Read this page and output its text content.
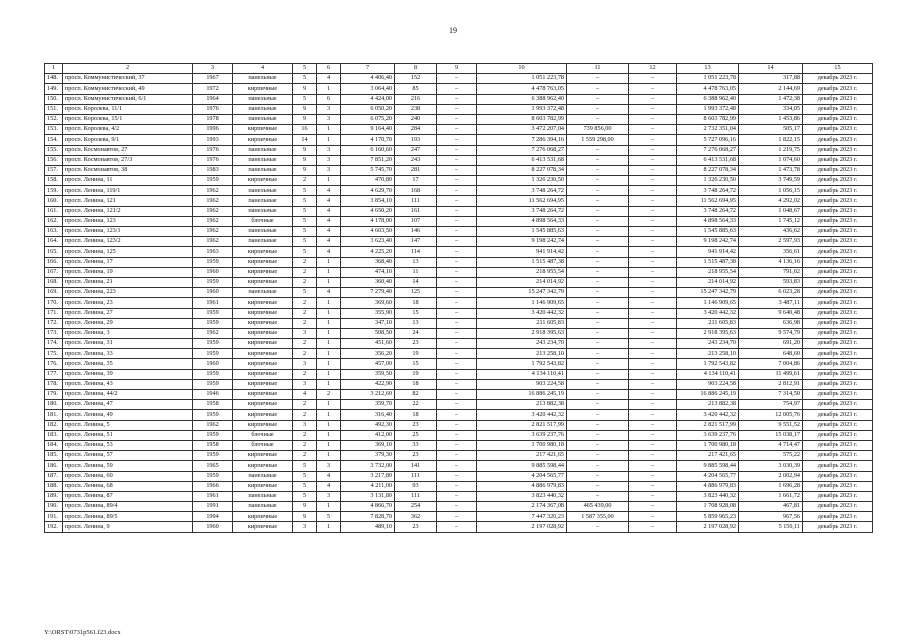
19
1	2	3	4	5	6	7	8	9	10	11	12	13	14	15
148.	просп. Коммунистический, 37	1967	панельные	5	4	4 406,40	152	–	1 051 223,78	–	–	1 051 223,78	317,88	декабрь 2023 г.
149.	просп. Коммунистический, 49	1972	кирпичные	9	1	3 064,40	85	–	4 478 763,05	–	–	4 478 763,05	2 144,69	декабрь 2023 г.
150.	просп. Коммунистический, 6/1	1964	панельные	5	6	4 424,00	216	–	6 388 962,40	–	–	6 388 962,40	1 472,38	декабрь 2023 г.
151.	просп. Королева, 11/1	1976	панельные	9	3	6 050,20	238	–	1 993 372,48	–	–	1 993 372,48	334,05	декабрь 2023 г.
152.	просп. Королева, 15/1	1978	панельные	9	3	6 075,20	240	–	8 603 782,99	–	–	8 603 782,99	1 453,86	декабрь 2023 г.
153.	просп. Королева, 4/2	1996	кирпичные	16	1	9 164,40	284	–	3 472 207,04	739 856,00	–	2 732 351,04	505,17	декабрь 2023 г.
154.	просп. Королева, 9/1	1993	кирпичные	14	1	4 170,70	193	–	7 286 394,16	1 559 298,00	–	5 727 096,16	1 822,15	декабрь 2023 г.
155.	просп. Космонавтов, 27	1976	панельные	9	3	6 160,60	247	–	7 276 068,27	–	–	7 276 068,27	1 219,75	декабрь 2023 г.
156.	просп. Космонавтов, 27/3	1976	панельные	9	3	7 851,20	243	–	6 413 531,68	–	–	6 413 531,68	1 074,60	декабрь 2023 г.
157.	просп. Космонавтов, 38	1983	панельные	9	3	5 745,70	281	–	8 227 078,34	–	–	8 227 078,34	1 473,78	декабрь 2023 г.
158.	просп. Ленина, 11	1959	кирпичные	2	1	470,80	17	–	1 326 230,50	–	–	1 326 230,50	3 749,59	декабрь 2023 г.
159.	просп. Ленина, 119/1	1962	панельные	5	4	4 629,70	168	–	3 748 264,72	–	–	3 748 264,72	1 056,15	декабрь 2023 г.
160.	просп. Ленина, 121	1962	панельные	5	4	3 854,10	111	–	11 562 694,95	–	–	11 562 694,95	4 292,02	декабрь 2023 г.
161.	просп. Ленина, 121/2	1962	панельные	5	4	4 650,20	161	–	3 748 264,72	–	–	3 748 264,72	1 048,67	декабрь 2023 г.
162.	просп. Ленина, 123	1962	блочные	5	4	4 178,00	107	–	4 898 564,33	–	–	4 898 564,33	1 745,12	декабрь 2023 г.
163.	просп. Ленина, 123/1	1962	панельные	5	4	4 603,50	146	–	1 545 885,63	–	–	1 545 885,63	436,62	декабрь 2023 г.
164.	просп. Ленина, 123/2	1962	панельные	5	4	3 623,40	147	–	9 198 242,74	–	–	9 198 242,74	2 597,93	декабрь 2023 г.
165.	просп. Ленина, 125	1963	кирпичные	5	4	4 225,20	114	–	941 914,42	–	–	941 914,42	356,61	декабрь 2023 г.
166.	просп. Ленина, 17	1959	кирпичные	2	1	368,40	13	–	1 515 487,38	–	–	1 515 487,38	4 136,16	декабрь 2023 г.
167.	просп. Ленина, 19	1960	кирпичные	2	1	474,10	11	–	218 955,54	–	–	218 955,54	791,02	декабрь 2023 г.
168.	просп. Ленина, 21	1959	кирпичные	2	1	360,40	14	–	214 014,92	–	–	214 014,92	593,83	декабрь 2023 г.
169.	просп. Ленина, 223	1960	панельные	5	4	7 279,40	125	–	15 247 342,79	–	–	15 247 342,79	6 023,28	декабрь 2023 г.
170.	просп. Ленина, 23	1961	кирпичные	2	1	369,60	18	–	1 146 909,65	–	–	1 146 909,65	3 487,11	декабрь 2023 г.
171.	просп. Ленина, 27	1959	кирпичные	2	1	355,90	15	–	3 420 442,32	–	–	3 420 442,32	9 640,48	декабрь 2023 г.
172.	просп. Ленина, 29	1959	кирпичные	2	1	347,10	13	–	211 605,83	–	–	211 605,83	636,98	декабрь 2023 г.
173.	просп. Ленина, 3	1962	кирпичные	3	1	508,50	24	–	2 918 395,63	–	–	2 918 395,63	9 574,79	декабрь 2023 г.
174.	просп. Ленина, 31	1959	кирпичные	2	1	451,60	23	–	243 234,70	–	–	243 234,70	691,20	декабрь 2023 г.
175.	просп. Ленина, 33	1959	кирпичные	2	1	356,20	19	–	213 258,10	–	–	213 258,10	648,60	декабрь 2023 г.
176.	просп. Ленина, 35	1960	кирпичные	3	1	457,00	15	–	1 792 543,82	–	–	1 792 543,82	7 004,86	декабрь 2023 г.
177.	просп. Ленина, 39	1959	кирпичные	2	1	359,50	19	–	4 134 110,41	–	–	4 134 110,41	11 499,61	декабрь 2023 г.
178.	просп. Ленина, 43	1959	кирпичные	3	1	422,90	18	–	903 224,58	–	–	903 224,58	2 812,91	декабрь 2023 г.
179.	просп. Ленина, 44/2	1946	кирпичные	4	2	3 212,60	82	–	16 886 245,19	–	–	16 886 245,19	7 314,50	декабрь 2023 г.
180.	просп. Ленина, 47	1958	кирпичные	2	1	359,70	22	–	213 882,38	–	–	213 882,38	754,97	декабрь 2023 г.
181.	просп. Ленина, 49	1959	кирпичные	2	1	316,40	18	–	3 420 442,32	–	–	3 420 442,32	12 005,76	декабрь 2023 г.
182.	просп. Ленина, 5	1962	кирпичные	3	1	492,30	23	–	2 821 517,99	–	–	2 821 517,99	9 551,52	декабрь 2023 г.
183.	просп. Ленина, 51	1959	блочные	2	1	412,00	25	–	3 639 237,76	–	–	3 639 237,76	15 038,17	декабрь 2023 г.
184.	просп. Ленина, 53	1958	блочные	2	1	369,10	33	–	1 700 980,18	–	–	1 700 980,18	4 714,47	декабрь 2023 г.
185.	просп. Ленина, 57	1959	кирпичные	2	1	379,30	23	–	217 421,65	–	–	217 421,65	575,22	декабрь 2023 г.
186.	просп. Ленина, 59	1965	кирпичные	5	3	3 732,00	141	–	9 885 598,44	–	–	9 885 598,44	3 030,39	декабрь 2023 г.
187.	просп. Ленина, 60	1959	панельные	5	4	3 217,80	111	–	4 204 565,77	–	–	4 204 565,77	2 002,94	декабрь 2023 г.
188.	просп. Ленина, 68	1966	кирпичные	5	4	4 211,00	93	–	4 886 979,83	–	–	4 886 979,83	1 696,28	декабрь 2023 г.
189.	просп. Ленина, 87	1961	панельные	5	3	3 131,80	111	–	3 823 440,32	–	–	3 823 440,32	1 661,72	декабрь 2023 г.
190.	просп. Ленина, 89/4	1991	панельные	9	1	4 866,70	254	–	2 174 367,08	465 439,00	–	1 708 928,08	467,81	декабрь 2023 г.
191.	просп. Ленина, 89/5	1994	кирпичные	9	5	7 828,70	362	–	7 447 320,23	1 587 355,00	–	5 859 965,23	967,56	декабрь 2023 г.
192.	просп. Ленина, 9	1960	кирпичные	3	1	489,10	23	–	2 197 028,92	–	–	2 197 028,92	5 150,11	декабрь 2023 г.
Y:\ORST\0731p561.f23.docx
